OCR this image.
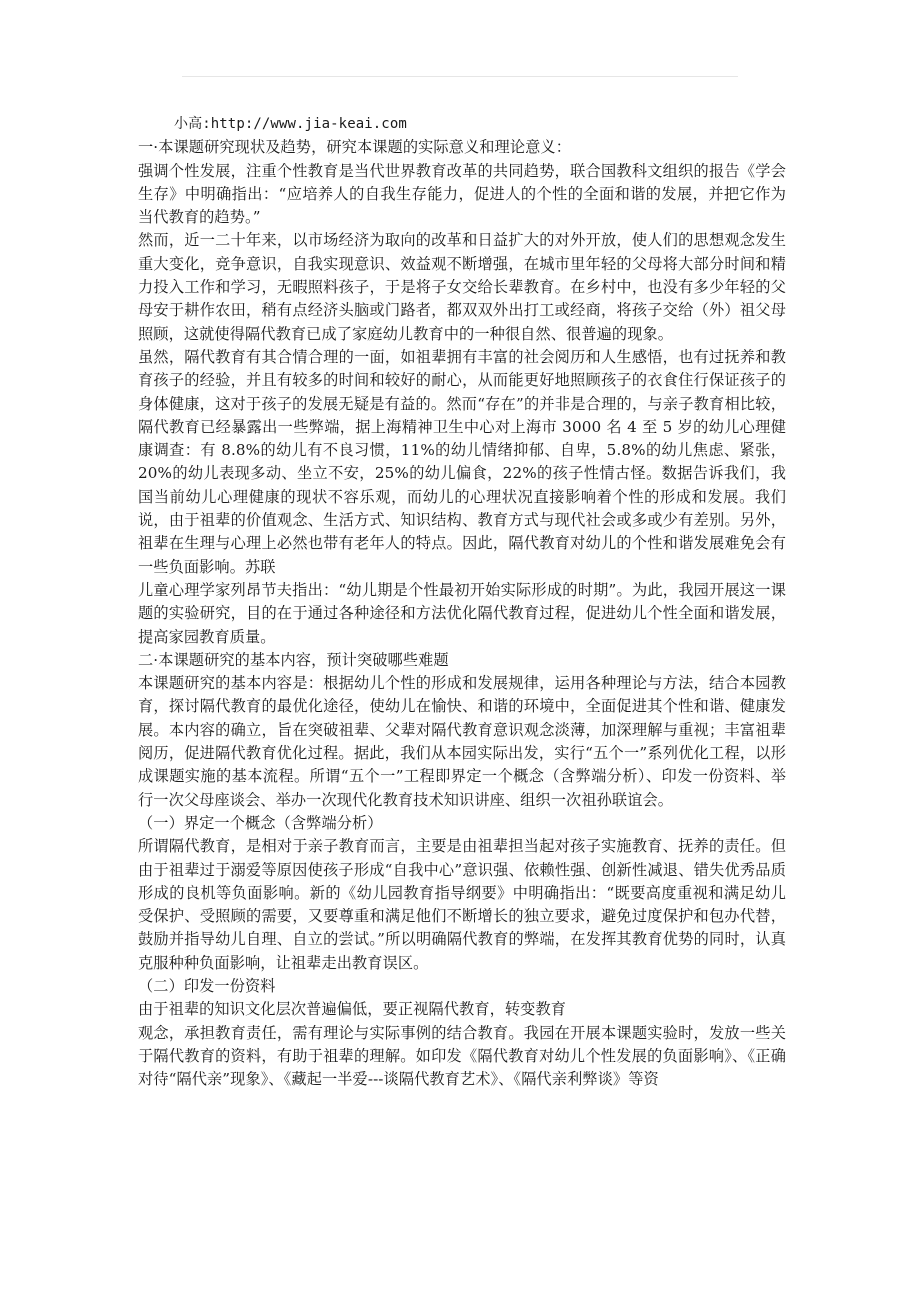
小高:http://www.jia-keai.com

一·本课题研究现状及趋势，研究本课题的实际意义和理论意义：

强调个性发展，注重个性教育是当代世界教育改革的共同趋势，联合国教科文组织的报告《学会生存》中明确指出：“应培养人的自我生存能力，促进人的个性的全面和谐的发展，并把它作为当代教育的趋势。”

然而，近一二十年来，以市场经济为取向的改革和日益扩大的对外开放，使人们的思想观念发生重大变化，竞争意识，自我实现意识、效益观不断增强，在城市里年轻的父母将大部分时间和精力投入工作和学习，无暇照料孩子，于是将子女交给长辈教育。在乡村中，也没有多少年轻的父母安于耕作农田，稍有点经济头脑或门路者，都双双外出打工或经商，将孩子交给（外）祖父母照顾，这就使得隔代教育已成了家庭幼儿教育中的一种很自然、很普遍的现象。

虽然，隔代教育有其合情合理的一面，如祖辈拥有丰富的社会阅历和人生感悟，也有过抚养和教育孩子的经验，并且有较多的时间和较好的耐心，从而能更好地照顾孩子的衣食住行保证孩子的身体健康，这对于孩子的发展无疑是有益的。然而“存在”的并非是合理的，与亲子教育相比较，隔代教育已经暴露出一些弊端，据上海精神卫生中心对上海市 3000 名 4 至 5 岁的幼儿心理健康调查：有 8.8%的幼儿有不良习惯，11%的幼儿情绪抑郁、自卑，5.8%的幼儿焦虑、紧张，20%的幼儿表现多动、坐立不安，25%的幼儿偏食，22%的孩子性情古怪。数据告诉我们，我国当前幼儿心理健康的现状不容乐观，而幼儿的心理状况直接影响着个性的形成和发展。我们说，由于祖辈的价值观念、生活方式、知识结构、教育方式与现代社会或多或少有差别。另外，祖辈在生理与心理上必然也带有老年人的特点。因此，隔代教育对幼儿的个性和谐发展难免会有一些负面影响。苏联

儿童心理学家列昂节夫指出：“幼儿期是个性最初开始实际形成的时期”。为此，我园开展这一课题的实验研究，目的在于通过各种途径和方法优化隔代教育过程，促进幼儿个性全面和谐发展，提高家园教育质量。

二·本课题研究的基本内容，预计突破哪些难题

本课题研究的基本内容是：根据幼儿个性的形成和发展规律，运用各种理论与方法，结合本园教育，探讨隔代教育的最优化途径，使幼儿在愉快、和谐的环境中，全面促进其个性和谐、健康发展。本内容的确立，旨在突破祖辈、父辈对隔代教育意识观念淡薄，加深理解与重视；丰富祖辈阅历，促进隔代教育优化过程。据此，我们从本园实际出发，实行“五个一”系列优化工程，以形成课题实施的基本流程。所谓“五个一”工程即界定一个概念（含弊端分析）、印发一份资料、举行一次父母座谈会、举办一次现代化教育技术知识讲座、组织一次祖孙联谊会。

（一）界定一个概念（含弊端分析）

所谓隔代教育，是相对于亲子教育而言，主要是由祖辈担当起对孩子实施教育、抚养的责任。但由于祖辈过于溺爱等原因使孩子形成“自我中心”意识强、依赖性强、创新性减退、错失优秀品质形成的良机等负面影响。新的《幼儿园教育指导纲要》中明确指出：“既要高度重视和满足幼儿受保护、受照顾的需要，又要尊重和满足他们不断增长的独立要求，避免过度保护和包办代替，鼓励并指导幼儿自理、自立的尝试。”所以明确隔代教育的弊端，在发挥其教育优势的同时，认真克服种种负面影响，让祖辈走出教育误区。

（二）印发一份资料

由于祖辈的知识文化层次普遍偏低，要正视隔代教育，转变教育

观念，承担教育责任，需有理论与实际事例的结合教育。我园在开展本课题实验时，发放一些关于隔代教育的资料，有助于祖辈的理解。如印发《隔代教育对幼儿个性发展的负面影响》、《正确对待“隔代亲”现象》、《藏起一半爱---谈隔代教育艺术》、《隔代亲利弊谈》等资
